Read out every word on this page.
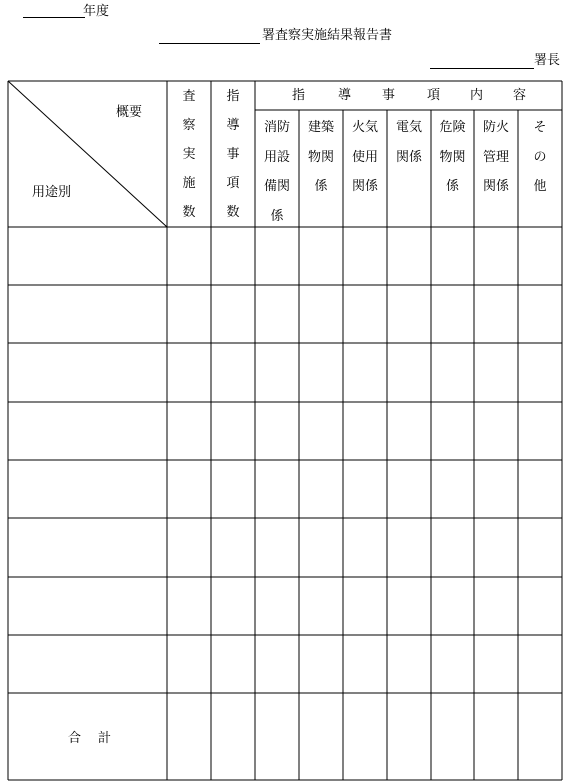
年度
署査察実施結果報告書
署長
概要
用途別
査
察
実
施
数
指
導
事
項
数
指	導 事 項 内 容
消防
用設
備関
係
建築
物関
係
火気
使用
関係
電気
関係
危険
物関
係
防火
管理
関係
そ
の
他
合 計
